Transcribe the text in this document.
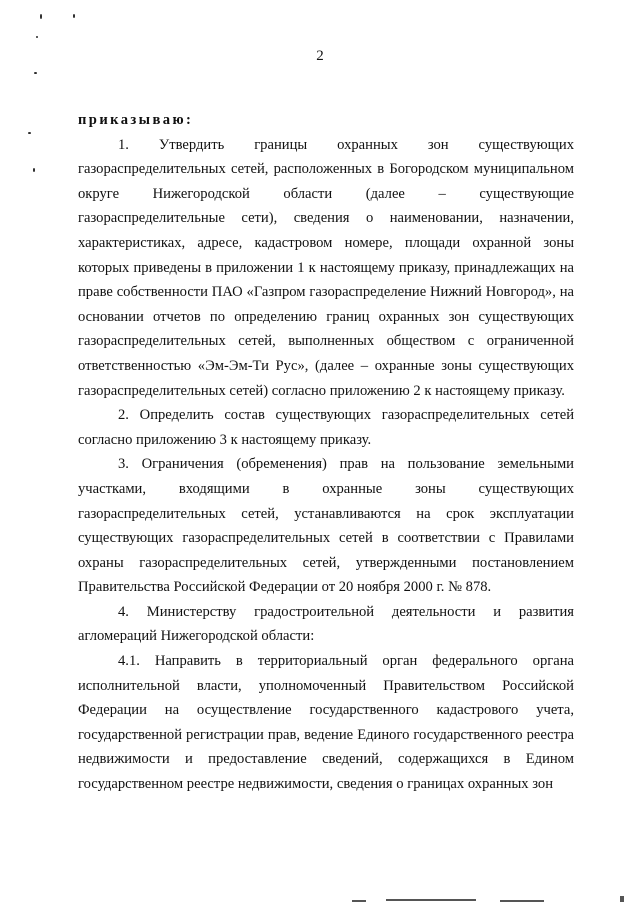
2

приказываю:

1. Утвердить границы охранных зон существующих газораспределительных сетей, расположенных в Богородском муниципальном округе Нижегородской области (далее – существующие газораспределительные сети), сведения о наименовании, назначении, характеристиках, адресе, кадастровом номере, площади охранной зоны которых приведены в приложении 1 к настоящему приказу, принадлежащих на праве собственности ПАО «Газпром газораспределение Нижний Новгород», на основании отчетов по определению границ охранных зон существующих газораспределительных сетей, выполненных обществом с ограниченной ответственностью «Эм-Эм-Ти Рус», (далее – охранные зоны существующих газораспределительных сетей) согласно приложению 2 к настоящему приказу.

2. Определить состав существующих газораспределительных сетей согласно приложению 3 к настоящему приказу.

3. Ограничения (обременения) прав на пользование земельными участками, входящими в охранные зоны существующих газораспределительных сетей, устанавливаются на срок эксплуатации существующих газораспределительных сетей в соответствии с Правилами охраны газораспределительных сетей, утвержденными постановлением Правительства Российской Федерации от 20 ноября 2000 г. № 878.

4. Министерству градостроительной деятельности и развития агломераций Нижегородской области:

4.1. Направить в территориальный орган федерального органа исполнительной власти, уполномоченный Правительством Российской Федерации на осуществление государственного кадастрового учета, государственной регистрации прав, ведение Единого государственного реестра недвижимости и предоставление сведений, содержащихся в Едином государственном реестре недвижимости, сведения о границах охранных зон
